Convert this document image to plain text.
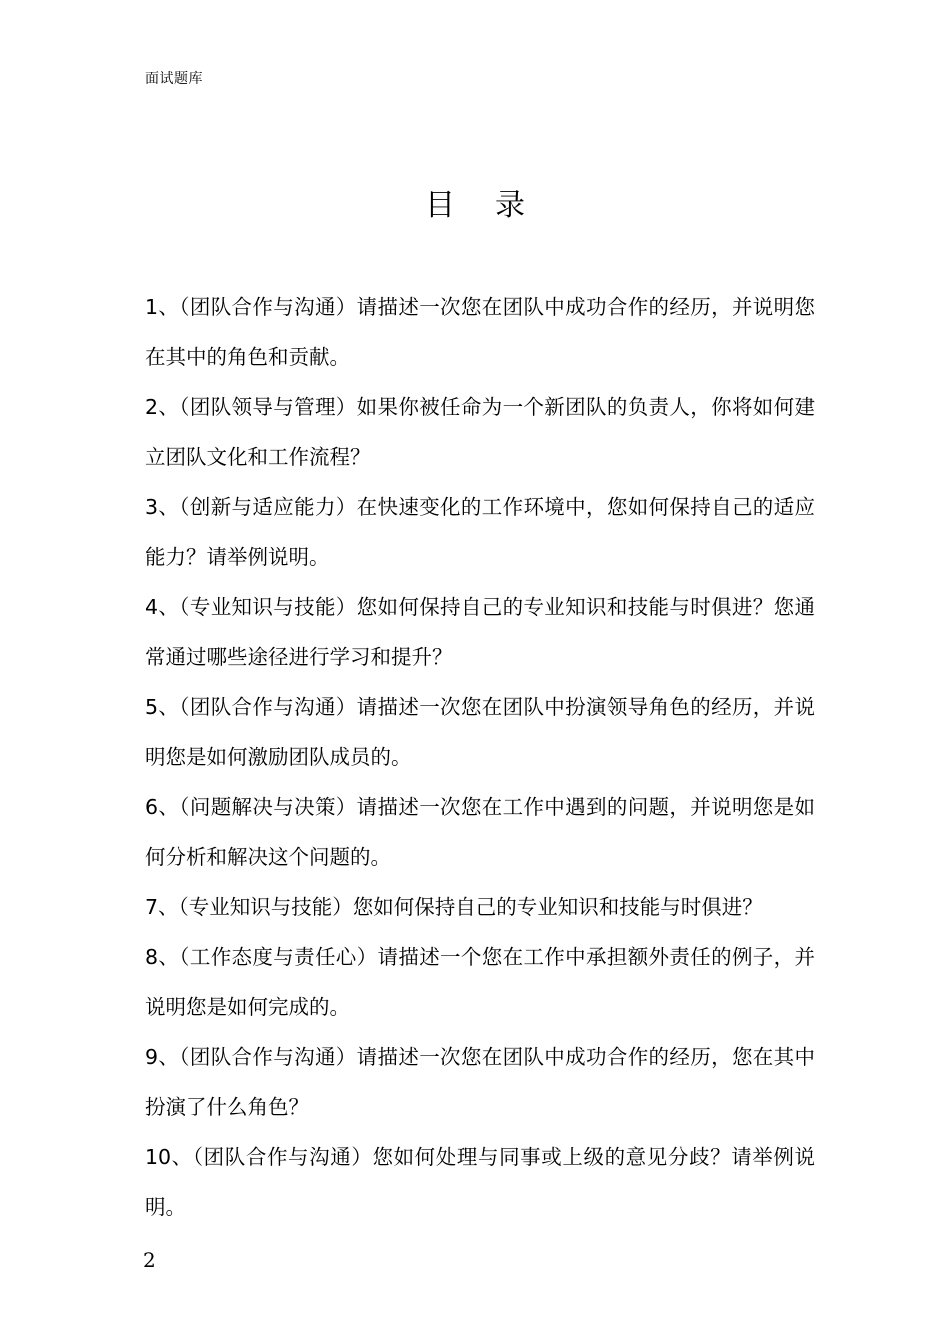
面试题库
目录
1、（团队合作与沟通）请描述一次您在团队中成功合作的经历，并说明您在其中的角色和贡献。
2、（团队领导与管理）如果你被任命为一个新团队的负责人，你将如何建立团队文化和工作流程？
3、（创新与适应能力）在快速变化的工作环境中，您如何保持自己的适应能力？请举例说明。
4、（专业知识与技能）您如何保持自己的专业知识和技能与时俱进？您通常通过哪些途径进行学习和提升？
5、（团队合作与沟通）请描述一次您在团队中扮演领导角色的经历，并说明您是如何激励团队成员的。
6、（问题解决与决策）请描述一次您在工作中遇到的问题，并说明您是如何分析和解决这个问题的。
7、（专业知识与技能）您如何保持自己的专业知识和技能与时俱进？
8、（工作态度与责任心）请描述一个您在工作中承担额外责任的例子，并说明您是如何完成的。
9、（团队合作与沟通）请描述一次您在团队中成功合作的经历，您在其中扮演了什么角色？
10、（团队合作与沟通）您如何处理与同事或上级的意见分歧？请举例说明。
2
